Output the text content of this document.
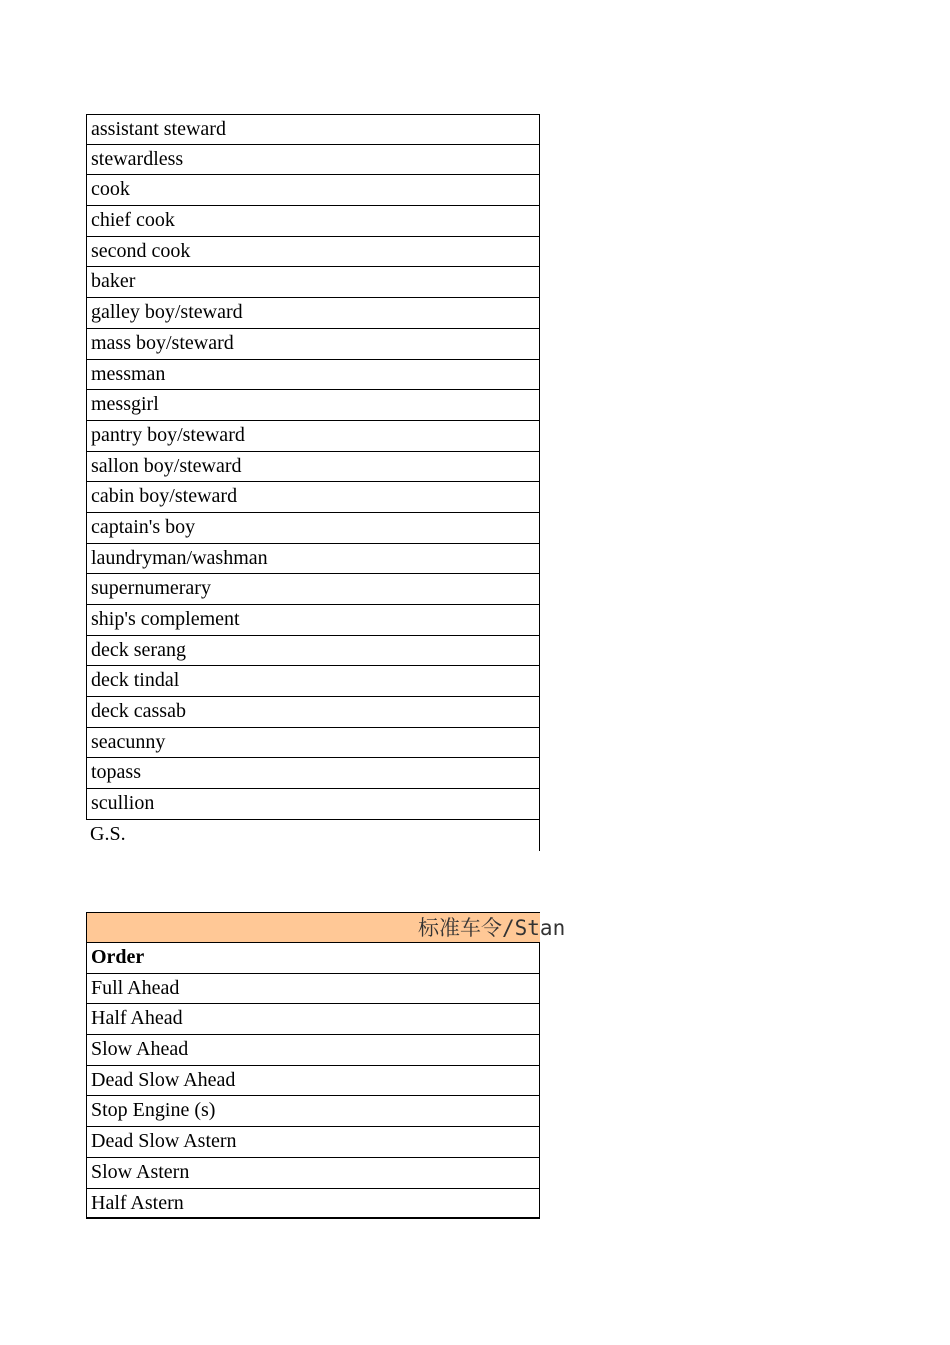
assistant steward
stewardless
cook
chief cook
second cook
baker
galley boy/steward
mass boy/steward
messman
messgirl
pantry boy/steward
sallon boy/steward
cabin boy/steward
captain's boy
laundryman/washman
supernumerary
ship's complement
deck serang
deck tindal
deck cassab
seacunny
topass
scullion
G.S.
标准车令/Stan
Order
Full Ahead
Half Ahead
Slow Ahead
Dead Slow Ahead
Stop Engine (s)
Dead Slow Astern
Slow Astern
Half Astern
